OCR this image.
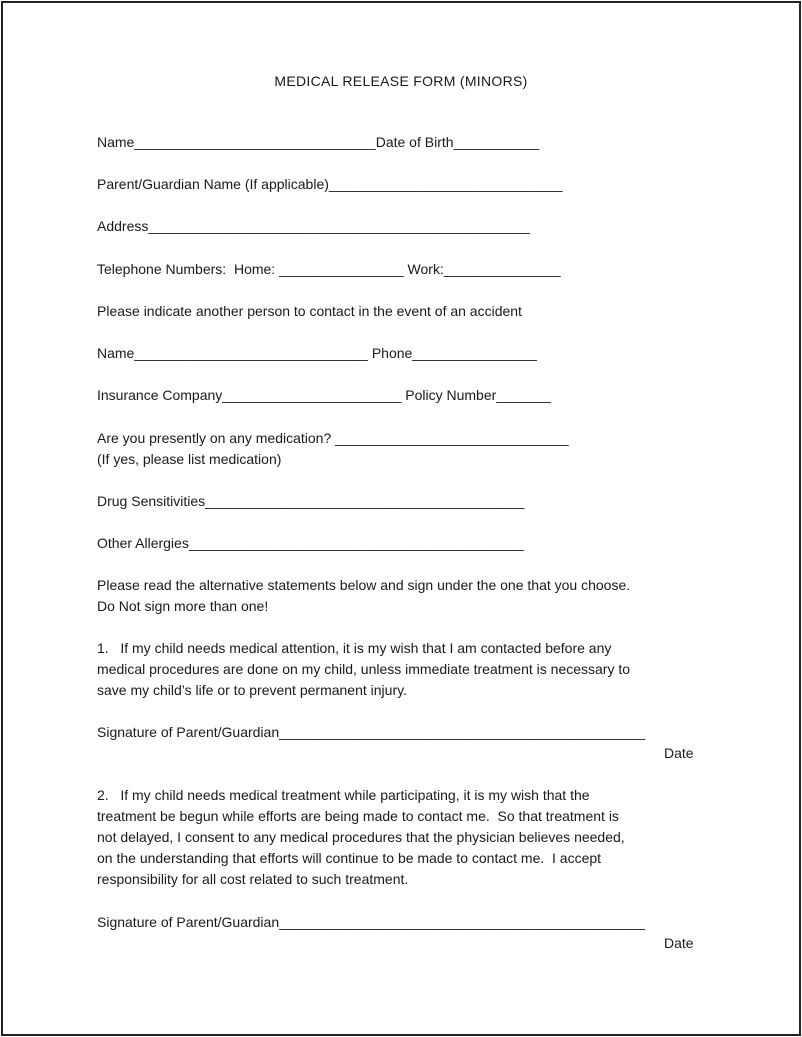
MEDICAL RELEASE FORM (MINORS)
Name_______________________________Date of Birth___________
Parent/Guardian Name (If applicable)______________________________
Address_________________________________________________
Telephone Numbers:  Home: ________________ Work:_______________
Please indicate another person to contact in the event of an accident
Name______________________________ Phone________________
Insurance Company_______________________ Policy Number_______
Are you presently on any medication? ______________________________
(If yes, please list medication)
Drug Sensitivities_________________________________________
Other Allergies___________________________________________
Please read the alternative statements below and sign under the one that you choose.
Do Not sign more than one!
1.   If my child needs medical attention, it is my wish that I am contacted before any
medical procedures are done on my child, unless immediate treatment is necessary to
save my child’s life or to prevent permanent injury.
Signature of Parent/Guardian_______________________________________________
Date
2.   If my child needs medical treatment while participating, it is my wish that the
treatment be begun while efforts are being made to contact me.  So that treatment is
not delayed, I consent to any medical procedures that the physician believes needed,
on the understanding that efforts will continue to be made to contact me.  I accept
responsibility for all cost related to such treatment.
Signature of Parent/Guardian_______________________________________________
Date
